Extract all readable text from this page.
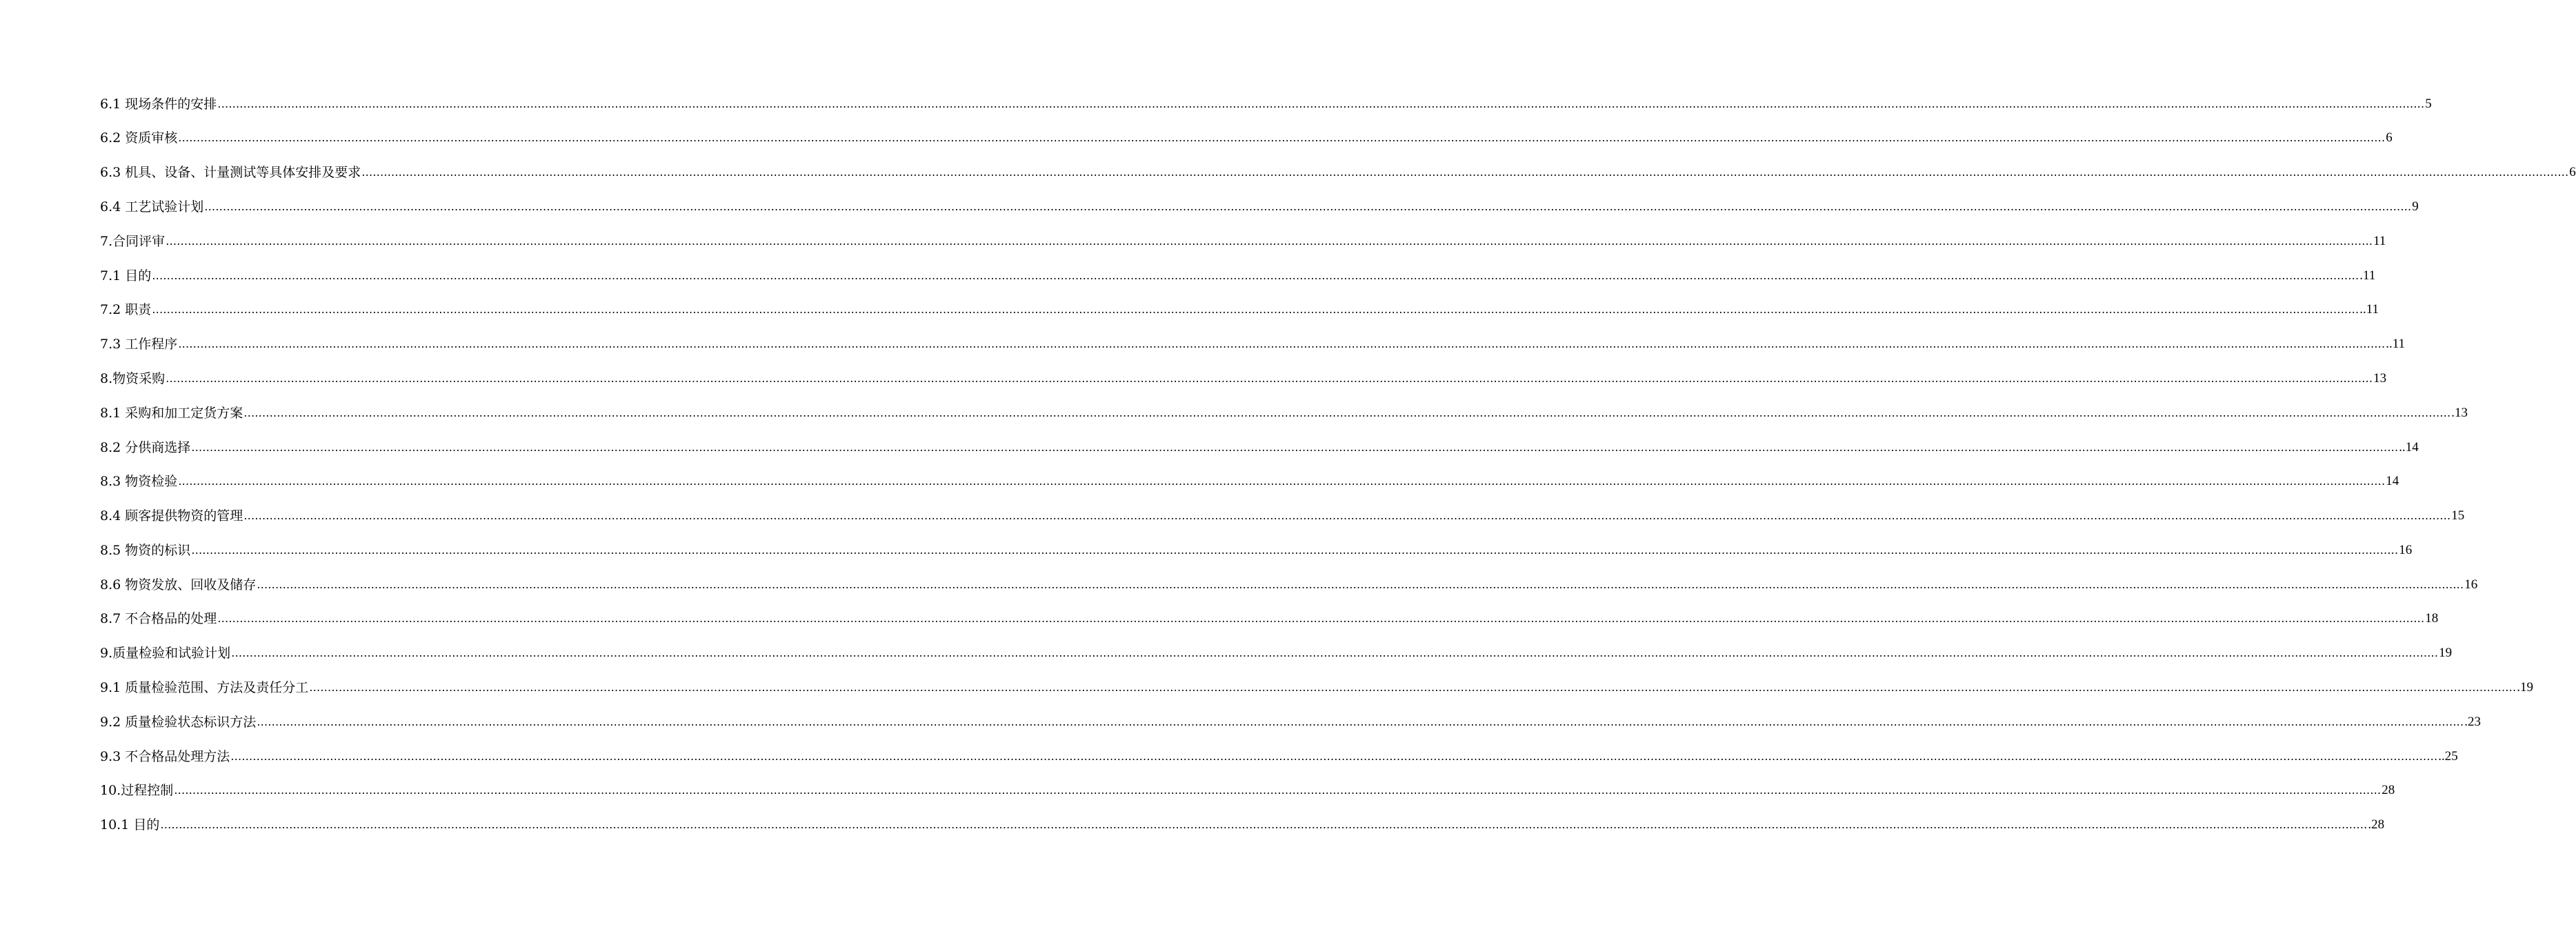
6.1 现场条件的安排 …………………………………………………………………………………………………………………………………………………………………………………………………………………………………………………………………………………………………………………………………………………………………………………………………………………………………………………………………………………………………………………………………………………… 5
6.2 资质审核 …………………………………………………………………………………………………………………………………………………………………………………………………………………………………………………………………………………………………………………………………………………………………………………………………………………………………………………………………………………………………………………………………………………… 6
6.3 机具、设备、计量测试等具体安排及要求 …………………………………………………………………………………………………………………………………………………………………………………………………………………………………………………………………………………………………………………………………………………………………………………………………………………………………………………………………………………………………………………………………………………… 6
6.4 工艺试验计划 …………………………………………………………………………………………………………………………………………………………………………………………………………………………………………………………………………………………………………………………………………………………………………………………………………………………………………………………………………………………………………………………………………………… 9
7.合同评审 …………………………………………………………………………………………………………………………………………………………………………………………………………………………………………………………………………………………………………………………………………………………………………………………………………………………………………………………………………………………………………………………………………………… 11
7.1 目的 …………………………………………………………………………………………………………………………………………………………………………………………………………………………………………………………………………………………………………………………………………………………………………………………………………………………………………………………………………………………………………………………………………………… .11
7.2 职责 …………………………………………………………………………………………………………………………………………………………………………………………………………………………………………………………………………………………………………………………………………………………………………………………………………………………………………………………………………………………………………………………………………………… ..11
7.3 工作程序 …………………………………………………………………………………………………………………………………………………………………………………………………………………………………………………………………………………………………………………………………………………………………………………………………………………………………………………………………………………………………………………………………………………… ..11
8.物资采购 …………………………………………………………………………………………………………………………………………………………………………………………………………………………………………………………………………………………………………………………………………………………………………………………………………………………………………………………………………………………………………………………………………………… 13
8.1 采购和加工定货方案 …………………………………………………………………………………………………………………………………………………………………………………………………………………………………………………………………………………………………………………………………………………………………………………………………………………………………………………………………………………………………………………………………………………… .13
8.2 分供商选择 …………………………………………………………………………………………………………………………………………………………………………………………………………………………………………………………………………………………………………………………………………………………………………………………………………………………………………………………………………………………………………………………………………………… ..14
8.3 物资检验 …………………………………………………………………………………………………………………………………………………………………………………………………………………………………………………………………………………………………………………………………………………………………………………………………………………………………………………………………………………………………………………………………………………… 14
8.4 顾客提供物资的管理 …………………………………………………………………………………………………………………………………………………………………………………………………………………………………………………………………………………………………………………………………………………………………………………………………………………………………………………………………………………………………………………………………………………… 15
8.5 物资的标识 …………………………………………………………………………………………………………………………………………………………………………………………………………………………………………………………………………………………………………………………………………………………………………………………………………………………………………………………………………………………………………………………………………………… 16
8.6 物资发放、回收及储存 …………………………………………………………………………………………………………………………………………………………………………………………………………………………………………………………………………………………………………………………………………………………………………………………………………………………………………………………………………………………………………………………………………………… 16
8.7 不合格品的处理 …………………………………………………………………………………………………………………………………………………………………………………………………………………………………………………………………………………………………………………………………………………………………………………………………………………………………………………………………………………………………………………………………………………… 18
9.质量检验和试验计划 …………………………………………………………………………………………………………………………………………………………………………………………………………………………………………………………………………………………………………………………………………………………………………………………………………………………………………………………………………………………………………………………………………………… 19
9.1 质量检验范围、方法及责任分工 …………………………………………………………………………………………………………………………………………………………………………………………………………………………………………………………………………………………………………………………………………………………………………………………………………………………………………………………………………………………………………………………………………………… .19
9.2 质量检验状态标识方法 …………………………………………………………………………………………………………………………………………………………………………………………………………………………………………………………………………………………………………………………………………………………………………………………………………………………………………………………………………………………………………………………………………………… .23
9.3 不合格品处理方法 …………………………………………………………………………………………………………………………………………………………………………………………………………………………………………………………………………………………………………………………………………………………………………………………………………………………………………………………………………………………………………………………………………………… ..25
10.过程控制 …………………………………………………………………………………………………………………………………………………………………………………………………………………………………………………………………………………………………………………………………………………………………………………………………………………………………………………………………………………………………………………………………………………… 28
10.1 目的 …………………………………………………………………………………………………………………………………………………………………………………………………………………………………………………………………………………………………………………………………………………………………………………………………………………………………………………………………………………………………………………………………………………… .28
